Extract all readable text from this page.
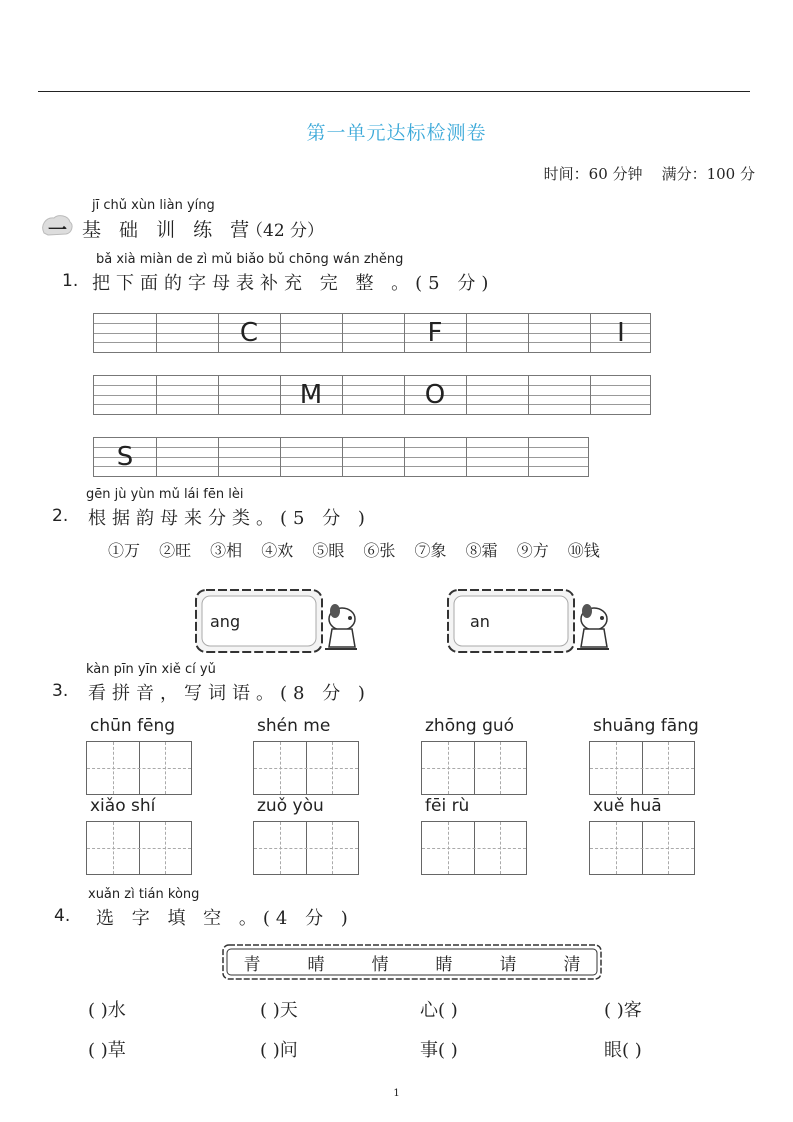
第一单元达标检测卷
时间：60 分钟 满分：100 分
jī chǔ xùn liàn yíng
一 基 础 训 练 营
（42 分）
bǎ xià miàn de zì mǔ biǎo bǔ chōng wán zhěng
1. 把下面的字母表补充 完 整 。(5 分)
C	F	I
M	O
S
gēn jù yùn mǔ lái fēn lèi
2. 根据韵母来分类。(5 分 )
①万 ②旺 ③相 ④欢 ⑤眼 ⑥张 ⑦象 ⑧霜 ⑨方 ⑩钱
ang	an
kàn pīn yīn xiě cí yǔ
3. 看拼音，写词语。(8 分 )
chūn fēng	shén me	zhōng guó	shuāng fāng
xiǎo shí	zuǒ yòu	fēi rù	xuě huā
xuǎn zì tián kòng
4. 选 字 填 空 。(4 分 )
青	晴	情	睛	请	清
( )水	( )天	心( )	( )客
( )草	( )问	事( )	眼( )
1
